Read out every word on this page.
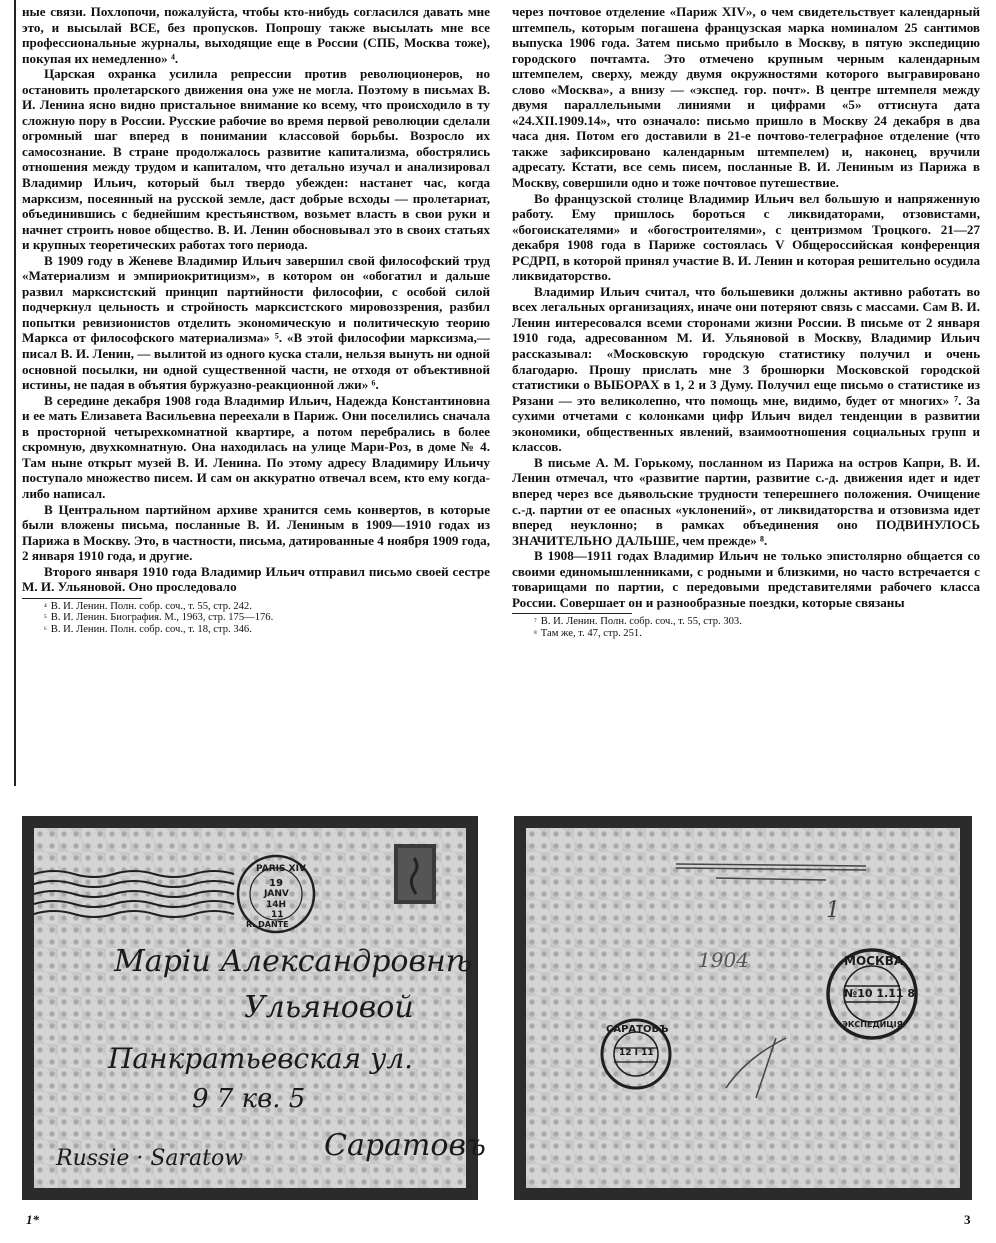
ные связи. Похлопочи, пожалуйста, чтобы кто-нибудь согласился давать мне это, и высылай ВСЕ, без пропусков. Попрошу также высылать мне все профессиональные журналы, выходящие еще в России (СПБ, Москва тоже), покупая их немедленно» ⁴.

Царская охранка усилила репрессии против революционеров, но остановить пролетарского движения она уже не могла. Поэтому в письмах В. И. Ленина ясно видно пристальное внимание ко всему, что происходило в ту сложную пору в России. Русские рабочие во время первой революции сделали огромный шаг вперед в понимании классовой борьбы. Возросло их самосознание. В стране продолжалось развитие капитализма, обострялись отношения между трудом и капиталом, что детально изучал и анализировал Владимир Ильич, который был твердо убежден: настанет час, когда марксизм, посеянный на русской земле, даст добрые всходы — пролетариат, объединившись с беднейшим крестьянством, возьмет власть в свои руки и начнет строить новое общество. В. И. Ленин обосновывал это в своих статьях и крупных теоретических работах того периода.

В 1909 году в Женеве Владимир Ильич завершил свой философский труд «Материализм и эмпириокритицизм», в котором он «обогатил и дальше развил марксистский принцип партийности философии, с особой силой подчеркнул цельность и стройность марксистского мировоззрения, разбил попытки ревизионистов отделить экономическую и политическую теорию Маркса от философского материализма» ⁵. «В этой философии марксизма,— писал В. И. Ленин, — вылитой из одного куска стали, нельзя вынуть ни одной основной посылки, ни одной существенной части, не отходя от объективной истины, не падая в объятия буржуазно-реакционной лжи» ⁶.

В середине декабря 1908 года Владимир Ильич, Надежда Константиновна и ее мать Елизавета Васильевна переехали в Париж. Они поселились сначала в просторной четырехкомнатной квартире, а потом перебрались в более скромную, двухкомнатную. Она находилась на улице Мари-Роз, в доме № 4. Там ныне открыт музей В. И. Ленина. По этому адресу Владимиру Ильичу поступало множество писем. И сам он аккуратно отвечал всем, кто ему когда-либо написал.

В Центральном партийном архиве хранится семь конвертов, в которые были вложены письма, посланные В. И. Лениным в 1909—1910 годах из Парижа в Москву. Это, в частности, письма, датированные 4 ноября 1909 года, 2 января 1910 года, и другие.

Второго января 1910 года Владимир Ильич отправил письмо своей сестре М. И. Ульяновой. Оно проследовало

⁴ В. И. Ленин. Полн. собр. соч., т. 55, стр. 242.

⁵ В. И. Ленин. Биография. М., 1963, стр. 175—176.

⁶ В. И. Ленин. Полн. собр. соч., т. 18, стр. 346.

через почтовое отделение «Париж XIV», о чем свидетельствует календарный штемпель, которым погашена французская марка номиналом 25 сантимов выпуска 1906 года. Затем письмо прибыло в Москву, в пятую экспедицию городского почтамта. Это отмечено крупным черным календарным штемпелем, сверху, между двумя окружностями которого выгравировано слово «Москва», а внизу — «экспед. гор. почт». В центре штемпеля между двумя параллельными линиями и цифрами «5» оттиснута дата «24.XII.1909.14», что означало: письмо пришло в Москву 24 декабря в два часа дня. Потом его доставили в 21-е почтово-телеграфное отделение (что также зафиксировано календарным штемпелем) и, наконец, вручили адресату. Кстати, все семь писем, посланные В. И. Лениным из Парижа в Москву, совершили одно и тоже почтовое путешествие.

Во французской столице Владимир Ильич вел большую и напряженную работу. Ему пришлось бороться с ликвидаторами, отзовистами, «богоискателями» и «богостроителями», с центризмом Троцкого. 21—27 декабря 1908 года в Париже состоялась V Общероссийская конференция РСДРП, в которой принял участие В. И. Ленин и которая решительно осудила ликвидаторство.

Владимир Ильич считал, что большевики должны активно работать во всех легальных организациях, иначе они потеряют связь с массами. Сам В. И. Ленин интересовался всеми сторонами жизни России. В письме от 2 января 1910 года, адресованном М. И. Ульяновой в Москву, Владимир Ильич рассказывал: «Московскую городскую статистику получил и очень благодарю. Прошу прислать мне 3 брошюрки Московской городской статистики о ВЫБОРАХ в 1, 2 и 3 Думу. Получил еще письмо о статистике из Рязани — это великолепно, что помощь мне, видимо, будет от многих» ⁷. За сухими отчетами с колонками цифр Ильич видел тенденции в развитии экономики, общественных явлений, взаимоотношения социальных групп и классов.

В письме А. М. Горькому, посланном из Парижа на остров Капри, В. И. Ленин отмечал, что «развитие партии, развитие с.-д. движения идет и идет вперед через все дьявольские трудности теперешнего положения. Очищение с.-д. партии от ее опасных «уклонений», от ликвидаторства и отзовизма идет вперед неуклонно; в рамках объединения оно ПОДВИНУЛОСЬ ЗНАЧИТЕЛЬНО ДАЛЬШЕ, чем прежде» ⁸.

В 1908—1911 годах Владимир Ильич не только эпистолярно общается со своими единомышленниками, с родными и близкими, но часто встречается с товарищами по партии, с передовыми представителями рабочего класса России. Совершает он и разнообразные поездки, которые связаны

⁷ В. И. Ленин. Полн. собр. соч., т. 55, стр. 303.

⁸ Там же, т. 47, стр. 251.

PARIS XIV
19
JANV
14H
11
R. DANTE
Марiи Александровнѣ
Ульяновой
Панкратьевская ул.
9 7 кв. 5
Саратовъ
Russie · Saratow
1904
1
САРАТОВЪ
12 I 11
МОСКВА
№10 1.11 8
ЭКСПЕДИЦIЯ
1*	3
